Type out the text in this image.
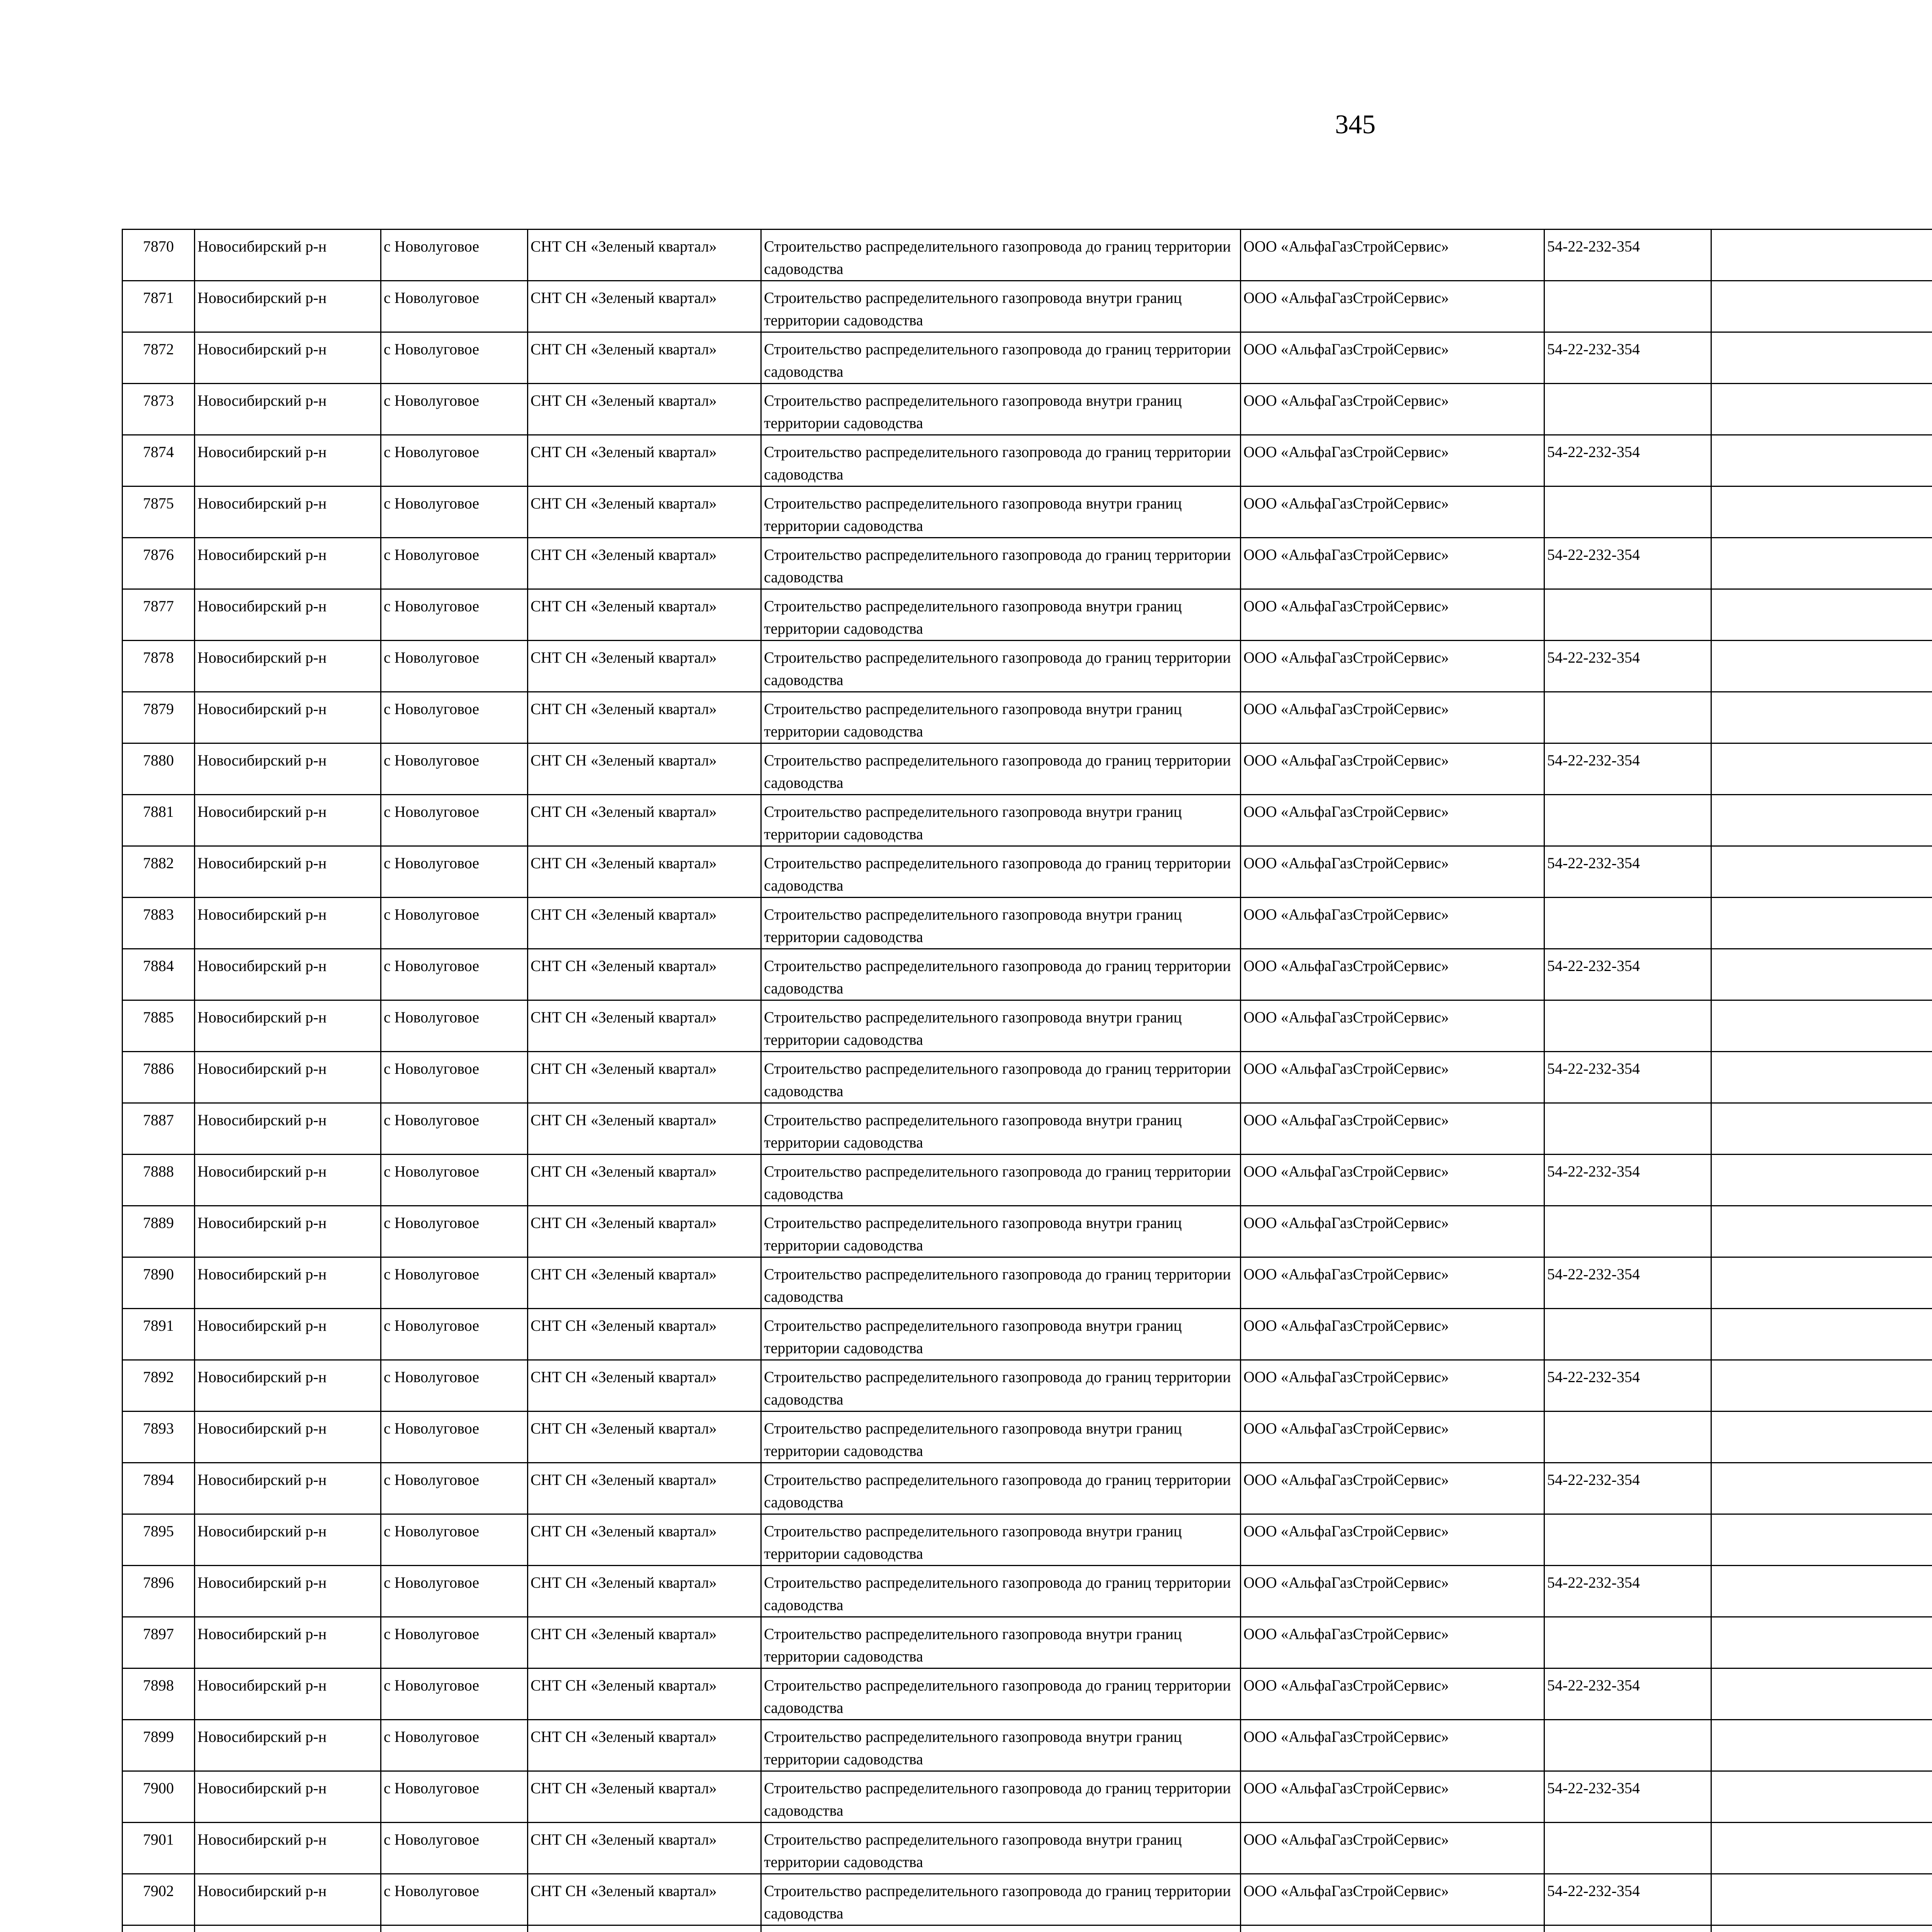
345
7870	Новосибирский р-н	с Новолуговое	СНТ СН «Зеленый квартал»	Строительство распределительного газопровода до границ территории садоводства	ООО «АльфаГазСтройСервис»	54-22-232-354						
7871	Новосибирский р-н	с Новолуговое	СНТ СН «Зеленый квартал»	Строительство распределительного газопровода внутри границ территории садоводства	ООО «АльфаГазСтройСервис»							
7872	Новосибирский р-н	с Новолуговое	СНТ СН «Зеленый квартал»	Строительство распределительного газопровода до границ территории садоводства	ООО «АльфаГазСтройСервис»	54-22-232-354						
7873	Новосибирский р-н	с Новолуговое	СНТ СН «Зеленый квартал»	Строительство распределительного газопровода внутри границ территории садоводства	ООО «АльфаГазСтройСервис»							
7874	Новосибирский р-н	с Новолуговое	СНТ СН «Зеленый квартал»	Строительство распределительного газопровода до границ территории садоводства	ООО «АльфаГазСтройСервис»	54-22-232-354						
7875	Новосибирский р-н	с Новолуговое	СНТ СН «Зеленый квартал»	Строительство распределительного газопровода внутри границ территории садоводства	ООО «АльфаГазСтройСервис»							
7876	Новосибирский р-н	с Новолуговое	СНТ СН «Зеленый квартал»	Строительство распределительного газопровода до границ территории садоводства	ООО «АльфаГазСтройСервис»	54-22-232-354						
7877	Новосибирский р-н	с Новолуговое	СНТ СН «Зеленый квартал»	Строительство распределительного газопровода внутри границ территории садоводства	ООО «АльфаГазСтройСервис»							
7878	Новосибирский р-н	с Новолуговое	СНТ СН «Зеленый квартал»	Строительство распределительного газопровода до границ территории садоводства	ООО «АльфаГазСтройСервис»	54-22-232-354						
7879	Новосибирский р-н	с Новолуговое	СНТ СН «Зеленый квартал»	Строительство распределительного газопровода внутри границ территории садоводства	ООО «АльфаГазСтройСервис»							
7880	Новосибирский р-н	с Новолуговое	СНТ СН «Зеленый квартал»	Строительство распределительного газопровода до границ территории садоводства	ООО «АльфаГазСтройСервис»	54-22-232-354						
7881	Новосибирский р-н	с Новолуговое	СНТ СН «Зеленый квартал»	Строительство распределительного газопровода внутри границ территории садоводства	ООО «АльфаГазСтройСервис»							
7882	Новосибирский р-н	с Новолуговое	СНТ СН «Зеленый квартал»	Строительство распределительного газопровода до границ территории садоводства	ООО «АльфаГазСтройСервис»	54-22-232-354						
7883	Новосибирский р-н	с Новолуговое	СНТ СН «Зеленый квартал»	Строительство распределительного газопровода внутри границ территории садоводства	ООО «АльфаГазСтройСервис»							
7884	Новосибирский р-н	с Новолуговое	СНТ СН «Зеленый квартал»	Строительство распределительного газопровода до границ территории садоводства	ООО «АльфаГазСтройСервис»	54-22-232-354						
7885	Новосибирский р-н	с Новолуговое	СНТ СН «Зеленый квартал»	Строительство распределительного газопровода внутри границ территории садоводства	ООО «АльфаГазСтройСервис»							
7886	Новосибирский р-н	с Новолуговое	СНТ СН «Зеленый квартал»	Строительство распределительного газопровода до границ территории садоводства	ООО «АльфаГазСтройСервис»	54-22-232-354						
7887	Новосибирский р-н	с Новолуговое	СНТ СН «Зеленый квартал»	Строительство распределительного газопровода внутри границ территории садоводства	ООО «АльфаГазСтройСервис»							
7888	Новосибирский р-н	с Новолуговое	СНТ СН «Зеленый квартал»	Строительство распределительного газопровода до границ территории садоводства	ООО «АльфаГазСтройСервис»	54-22-232-354						
7889	Новосибирский р-н	с Новолуговое	СНТ СН «Зеленый квартал»	Строительство распределительного газопровода внутри границ территории садоводства	ООО «АльфаГазСтройСервис»							
7890	Новосибирский р-н	с Новолуговое	СНТ СН «Зеленый квартал»	Строительство распределительного газопровода до границ территории садоводства	ООО «АльфаГазСтройСервис»	54-22-232-354						
7891	Новосибирский р-н	с Новолуговое	СНТ СН «Зеленый квартал»	Строительство распределительного газопровода внутри границ территории садоводства	ООО «АльфаГазСтройСервис»							
7892	Новосибирский р-н	с Новолуговое	СНТ СН «Зеленый квартал»	Строительство распределительного газопровода до границ территории садоводства	ООО «АльфаГазСтройСервис»	54-22-232-354						
7893	Новосибирский р-н	с Новолуговое	СНТ СН «Зеленый квартал»	Строительство распределительного газопровода внутри границ территории садоводства	ООО «АльфаГазСтройСервис»							
7894	Новосибирский р-н	с Новолуговое	СНТ СН «Зеленый квартал»	Строительство распределительного газопровода до границ территории садоводства	ООО «АльфаГазСтройСервис»	54-22-232-354						
7895	Новосибирский р-н	с Новолуговое	СНТ СН «Зеленый квартал»	Строительство распределительного газопровода внутри границ территории садоводства	ООО «АльфаГазСтройСервис»							
7896	Новосибирский р-н	с Новолуговое	СНТ СН «Зеленый квартал»	Строительство распределительного газопровода до границ территории садоводства	ООО «АльфаГазСтройСервис»	54-22-232-354						
7897	Новосибирский р-н	с Новолуговое	СНТ СН «Зеленый квартал»	Строительство распределительного газопровода внутри границ территории садоводства	ООО «АльфаГазСтройСервис»							
7898	Новосибирский р-н	с Новолуговое	СНТ СН «Зеленый квартал»	Строительство распределительного газопровода до границ территории садоводства	ООО «АльфаГазСтройСервис»	54-22-232-354						
7899	Новосибирский р-н	с Новолуговое	СНТ СН «Зеленый квартал»	Строительство распределительного газопровода внутри границ территории садоводства	ООО «АльфаГазСтройСервис»							
7900	Новосибирский р-н	с Новолуговое	СНТ СН «Зеленый квартал»	Строительство распределительного газопровода до границ территории садоводства	ООО «АльфаГазСтройСервис»	54-22-232-354						
7901	Новосибирский р-н	с Новолуговое	СНТ СН «Зеленый квартал»	Строительство распределительного газопровода внутри границ территории садоводства	ООО «АльфаГазСтройСервис»							
7902	Новосибирский р-н	с Новолуговое	СНТ СН «Зеленый квартал»	Строительство распределительного газопровода до границ территории садоводства	ООО «АльфаГазСтройСервис»	54-22-232-354						
